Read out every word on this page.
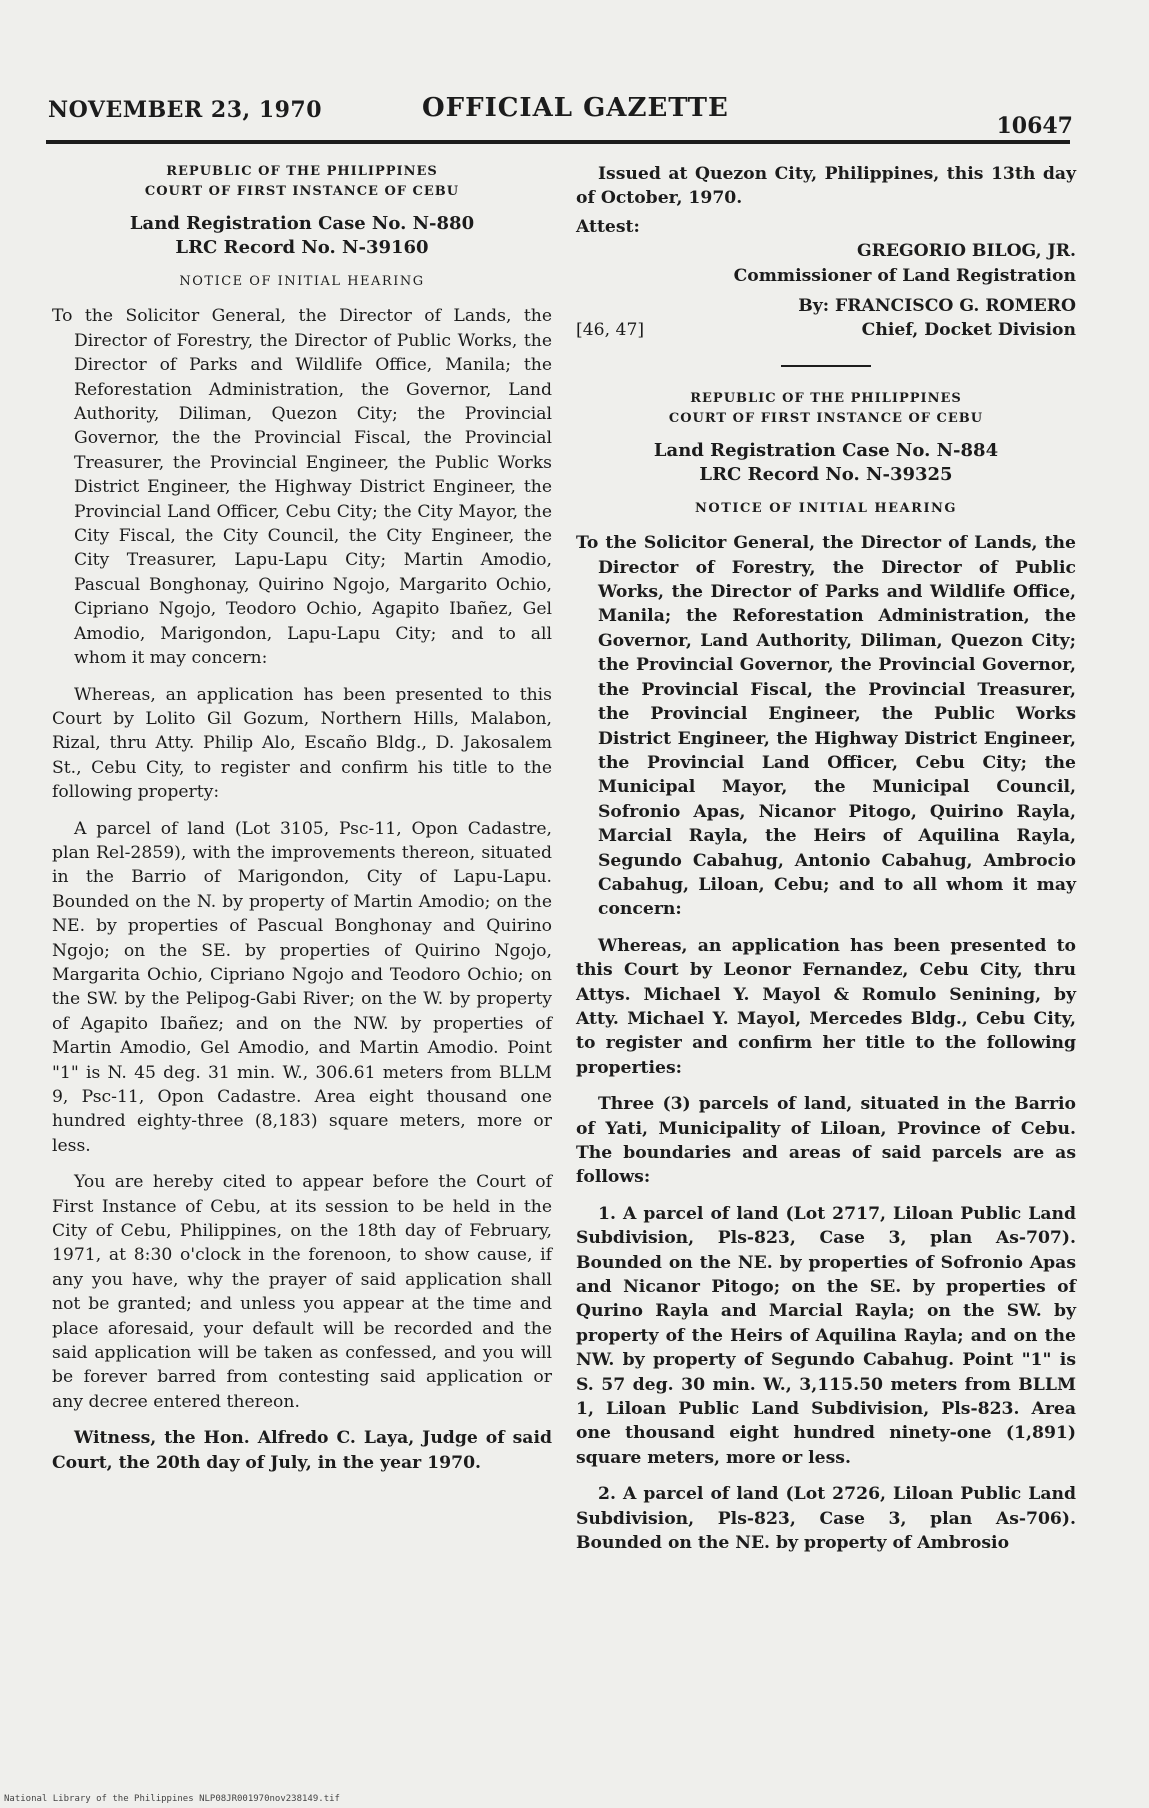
NOVEMBER 23, 1970	OFFICIAL GAZETTE
10647
REPUBLIC OF THE PHILIPPINES
COURT OF FIRST INSTANCE OF CEBU
Land Registration Case No. N-880
LRC Record No. N-39160
NOTICE OF INITIAL HEARING

To the Solicitor General, the Director of Lands, the Director of Forestry, the Director of Public Works, the Director of Parks and Wildlife Office, Manila; the Reforestation Administration, the Governor, Land Authority, Diliman, Quezon City; the Provincial Governor, the the Provincial Fiscal, the Provincial Treasurer, the Provincial Engineer, the Public Works District Engineer, the Highway District Engineer, the Provincial Land Officer, Cebu City; the City Mayor, the City Fiscal, the City Council, the City Engineer, the City Treasurer, Lapu-Lapu City; Martin Amodio, Pascual Bonghonay, Quirino Ngojo, Margarito Ochio, Cipriano Ngojo, Teodoro Ochio, Agapito Ibañez, Gel Amodio, Marigondon, Lapu-Lapu City; and to all whom it may concern:

Whereas, an application has been presented to this Court by Lolito Gil Gozum, Northern Hills, Malabon, Rizal, thru Atty. Philip Alo, Escaño Bldg., D. Jakosalem St., Cebu City, to register and confirm his title to the following property:

A parcel of land (Lot 3105, Psc-11, Opon Cadastre, plan Rel-2859), with the improvements thereon, situated in the Barrio of Marigondon, City of Lapu-Lapu. Bounded on the N. by property of Martin Amodio; on the NE. by properties of Pascual Bonghonay and Quirino Ngojo; on the SE. by properties of Quirino Ngojo, Margarita Ochio, Cipriano Ngojo and Teodoro Ochio; on the SW. by the Pelipog-Gabi River; on the W. by property of Agapito Ibañez; and on the NW. by properties of Martin Amodio, Gel Amodio, and Martin Amodio. Point "1" is N. 45 deg. 31 min. W., 306.61 meters from BLLM 9, Psc-11, Opon Cadastre. Area eight thousand one hundred eighty-three (8,183) square meters, more or less.

You are hereby cited to appear before the Court of First Instance of Cebu, at its session to be held in the City of Cebu, Philippines, on the 18th day of February, 1971, at 8:30 o'clock in the forenoon, to show cause, if any you have, why the prayer of said application shall not be granted; and unless you appear at the time and place aforesaid, your default will be recorded and the said application will be taken as confessed, and you will be forever barred from contesting said application or any decree entered thereon.

Witness, the Hon. Alfredo C. Laya, Judge of said Court, the 20th day of July, in the year 1970.

Issued at Quezon City, Philippines, this 13th day of October, 1970.

Attest:
GREGORIO BILOG, JR.
Commissioner of Land Registration
By: FRANCISCO G. ROMERO
[46, 47]	Chief, Docket Division
REPUBLIC OF THE PHILIPPINES
COURT OF FIRST INSTANCE OF CEBU
Land Registration Case No. N-884
LRC Record No. N-39325
NOTICE OF INITIAL HEARING

To the Solicitor General, the Director of Lands, the Director of Forestry, the Director of Public Works, the Director of Parks and Wildlife Office, Manila; the Reforestation Administration, the Governor, Land Authority, Diliman, Quezon City; the Provincial Governor, the Provincial Governor, the Provincial Fiscal, the Provincial Treasurer, the Provincial Engineer, the Public Works District Engineer, the Highway District Engineer, the Provincial Land Officer, Cebu City; the Municipal Mayor, the Municipal Council, Sofronio Apas, Nicanor Pitogo, Quirino Rayla, Marcial Rayla, the Heirs of Aquilina Rayla, Segundo Cabahug, Antonio Cabahug, Ambrocio Cabahug, Liloan, Cebu; and to all whom it may concern:

Whereas, an application has been presented to this Court by Leonor Fernandez, Cebu City, thru Attys. Michael Y. Mayol & Romulo Senining, by Atty. Michael Y. Mayol, Mercedes Bldg., Cebu City, to register and confirm her title to the following properties:

Three (3) parcels of land, situated in the Barrio of Yati, Municipality of Liloan, Province of Cebu. The boundaries and areas of said parcels are as follows:

1. A parcel of land (Lot 2717, Liloan Public Land Subdivision, Pls-823, Case 3, plan As-707). Bounded on the NE. by properties of Sofronio Apas and Nicanor Pitogo; on the SE. by properties of Qurino Rayla and Marcial Rayla; on the SW. by property of the Heirs of Aquilina Rayla; and on the NW. by property of Segundo Cabahug. Point "1" is S. 57 deg. 30 min. W., 3,115.50 meters from BLLM 1, Liloan Public Land Subdivision, Pls-823. Area one thousand eight hundred ninety-one (1,891) square meters, more or less.

2. A parcel of land (Lot 2726, Liloan Public Land Subdivision, Pls-823, Case 3, plan As-706). Bounded on the NE. by property of Ambrosio

National Library of the Philippines NLP08JR001970nov238149.tif
